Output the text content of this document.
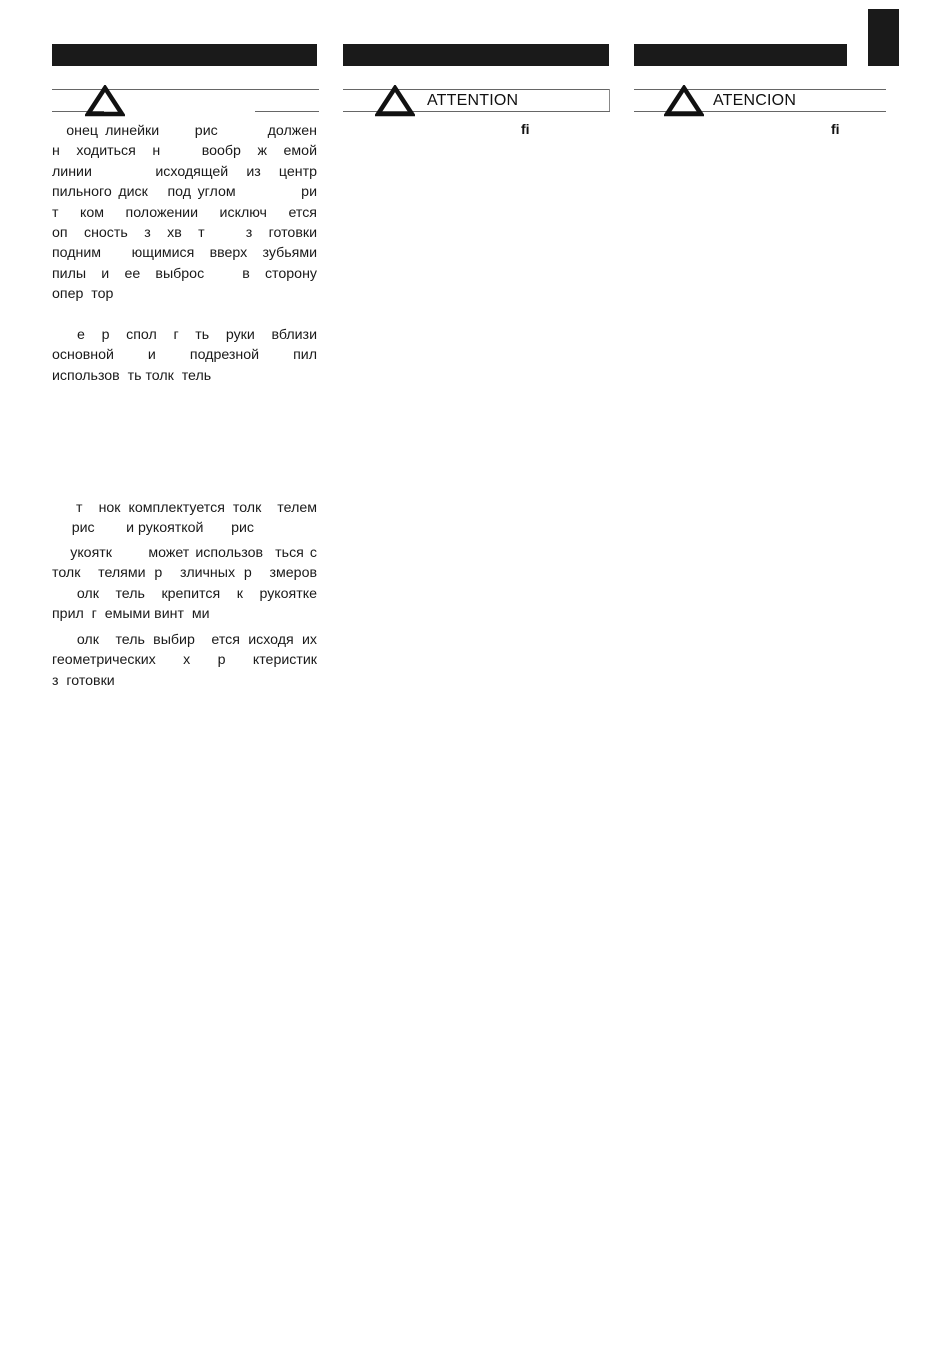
ATTENTION
fi
ATENCION
fi

онец линейки     рис       должен

н  ходиться  н     вообр  ж  емой

линии       исходящей  из  центр

пильного диск   под углом          ри

т  ком  положении  исключ  ется

оп  сность  з  хв  т     з  готовки

подним  ющимися вверх зубьями

пилы  и  ее  выброс     в  сторону

опер  тор

е  р  спол  г  ть  руки  вблизи

основной  и  подрезной  пил

использов  ть толк  тель

т  нок комплектуется толк  телем

рис        и рукояткой       рис

укоятк      может использов  ться с

толк  телями р  зличных р  змеров

олк  тель  крепится  к  рукоятке

прил  г  емыми винт  ми

олк  тель выбир  ется исходя их

геометрических  х  р  ктеристик

з  готовки
